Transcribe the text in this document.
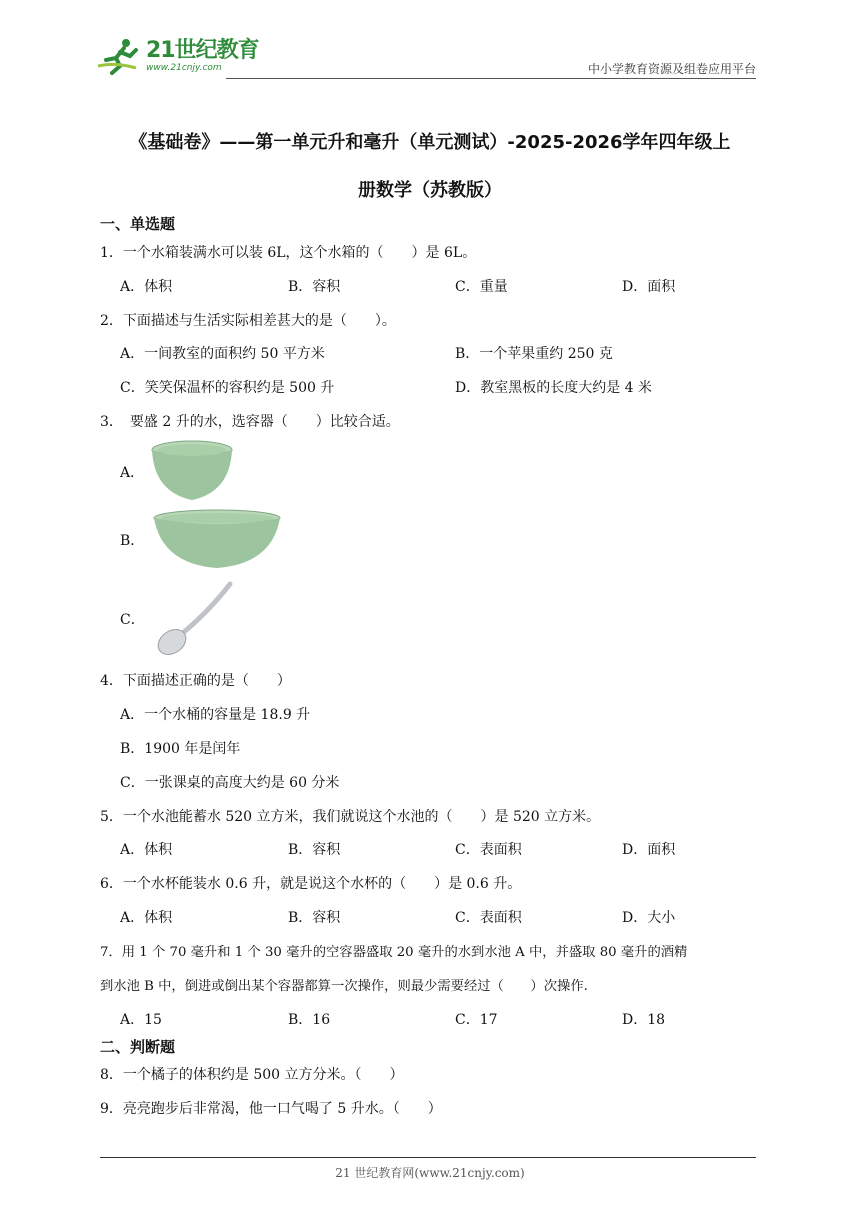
21世纪教育
www.21cnjy.com	中小学教育资源及组卷应用平台
《基础卷》——第一单元升和毫升（单元测试）-2025-2026学年四年级上
册数学（苏教版）
一、单选题
1．一个水箱装满水可以装 6L，这个水箱的（　　）是 6L。
A．体积	B．容积	C．重量	D．面积
2．下面描述与生活实际相差甚大的是（　　）。
A．一间教室的面积约 50 平方米	B．一个苹果重约 250 克
C．笑笑保温杯的容积约是 500 升	D．教室黑板的长度大约是 4 米
3．　要盛 2 升的水，选容器（　　）比较合适。
A．
B．
C．
4．下面描述正确的是（　　）
A．一个水桶的容量是 18.9 升
B．1900 年是闰年
C．一张课桌的高度大约是 60 分米
5．一个水池能蓄水 520 立方米，我们就说这个水池的（　　）是 520 立方米。
A．体积	B．容积	C．表面积	D．面积
6．一个水杯能装水 0.6 升，就是说这个水杯的（　　）是 0.6 升。
A．体积	B．容积	C．表面积	D．大小
7．用 1 个 70 毫升和 1 个 30 毫升的空容器盛取 20 毫升的水到水池 A 中，并盛取 80 毫升的酒精
到水池 B 中，倒进或倒出某个容器都算一次操作，则最少需要经过（　　）次操作.
A．15	B．16	C．17	D．18
二、判断题
8．一个橘子的体积约是 500 立方分米。（　　）
9．亮亮跑步后非常渴，他一口气喝了 5 升水。（　　）
21 世纪教育网(www.21cnjy.com)
